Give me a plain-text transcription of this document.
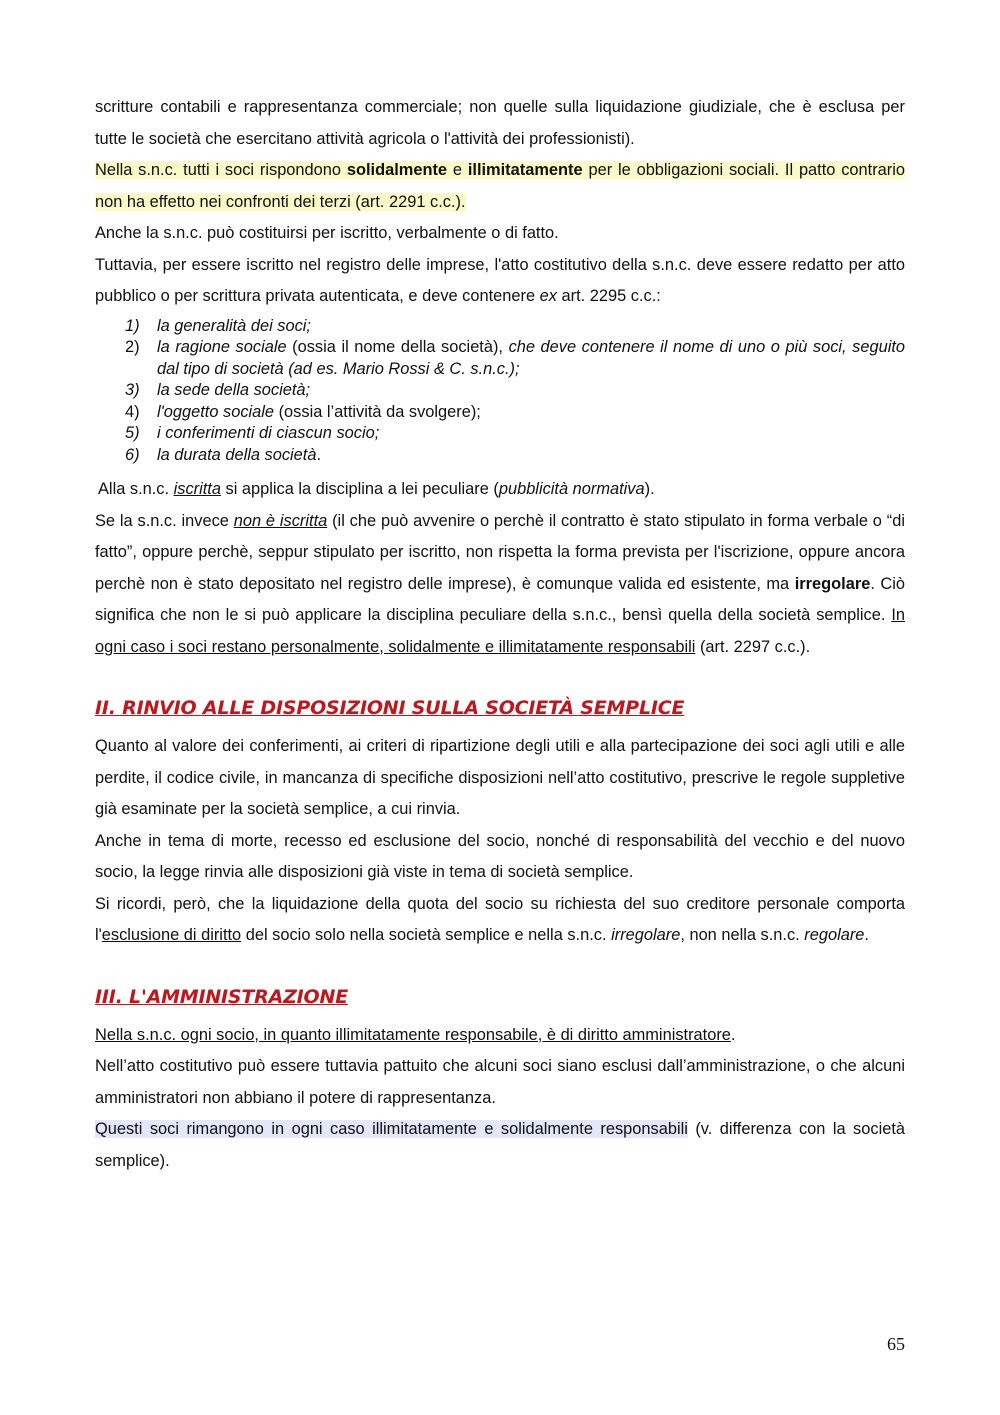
scritture contabili e rappresentanza commerciale; non quelle sulla liquidazione giudiziale, che è esclusa per tutte le società che esercitano attività agricola o l'attività dei professionisti).

Nella s.n.c. tutti i soci rispondono solidalmente e illimitatamente per le obbligazioni sociali. Il patto contrario non ha effetto nei confronti dei terzi (art. 2291 c.c.).

Anche la s.n.c. può costituirsi per iscritto, verbalmente o di fatto.

Tuttavia, per essere iscritto nel registro delle imprese, l'atto costitutivo della s.n.c. deve essere redatto per atto pubblico o per scrittura privata autenticata, e deve contenere ex art. 2295 c.c.:

1) la generalità dei soci;
2) la ragione sociale (ossia il nome della società), che deve contenere il nome di uno o più soci, seguito dal tipo di società (ad es. Mario Rossi & C. s.n.c.);
3) la sede della società;
4) l'oggetto sociale (ossia l’attività da svolgere);
5) i conferimenti di ciascun socio;
6) la durata della società.

Alla s.n.c. iscritta si applica la disciplina a lei peculiare (pubblicità normativa).

Se la s.n.c. invece non è iscritta (il che può avvenire o perchè il contratto è stato stipulato in forma verbale o “di fatto”, oppure perchè, seppur stipulato per iscritto, non rispetta la forma prevista per l'iscrizione, oppure ancora perchè non è stato depositato nel registro delle imprese), è comunque valida ed esistente, ma irregolare. Ciò significa che non le si può applicare la disciplina peculiare della s.n.c., bensì quella della società semplice. In ogni caso i soci restano personalmente, solidalmente e illimitatamente responsabili (art. 2297 c.c.).

II. RINVIO ALLE DISPOSIZIONI SULLA SOCIETÀ SEMPLICE

Quanto al valore dei conferimenti, ai criteri di ripartizione degli utili e alla partecipazione dei soci agli utili e alle perdite, il codice civile, in mancanza di specifiche disposizioni nell’atto costitutivo, prescrive le regole suppletive già esaminate per la società semplice, a cui rinvia.

Anche in tema di morte, recesso ed esclusione del socio, nonché di responsabilità del vecchio e del nuovo socio, la legge rinvia alle disposizioni già viste in tema di società semplice.

Si ricordi, però, che la liquidazione della quota del socio su richiesta del suo creditore personale comporta l'esclusione di diritto del socio solo nella società semplice e nella s.n.c. irregolare, non nella s.n.c. regolare.

III. L'AMMINISTRAZIONE

Nella s.n.c. ogni socio, in quanto illimitatamente responsabile, è di diritto amministratore.

Nell’atto costitutivo può essere tuttavia pattuito che alcuni soci siano esclusi dall’amministrazione, o che alcuni amministratori non abbiano il potere di rappresentanza.

Questi soci rimangono in ogni caso illimitatamente e solidalmente responsabili (v. differenza con la società semplice).

65
